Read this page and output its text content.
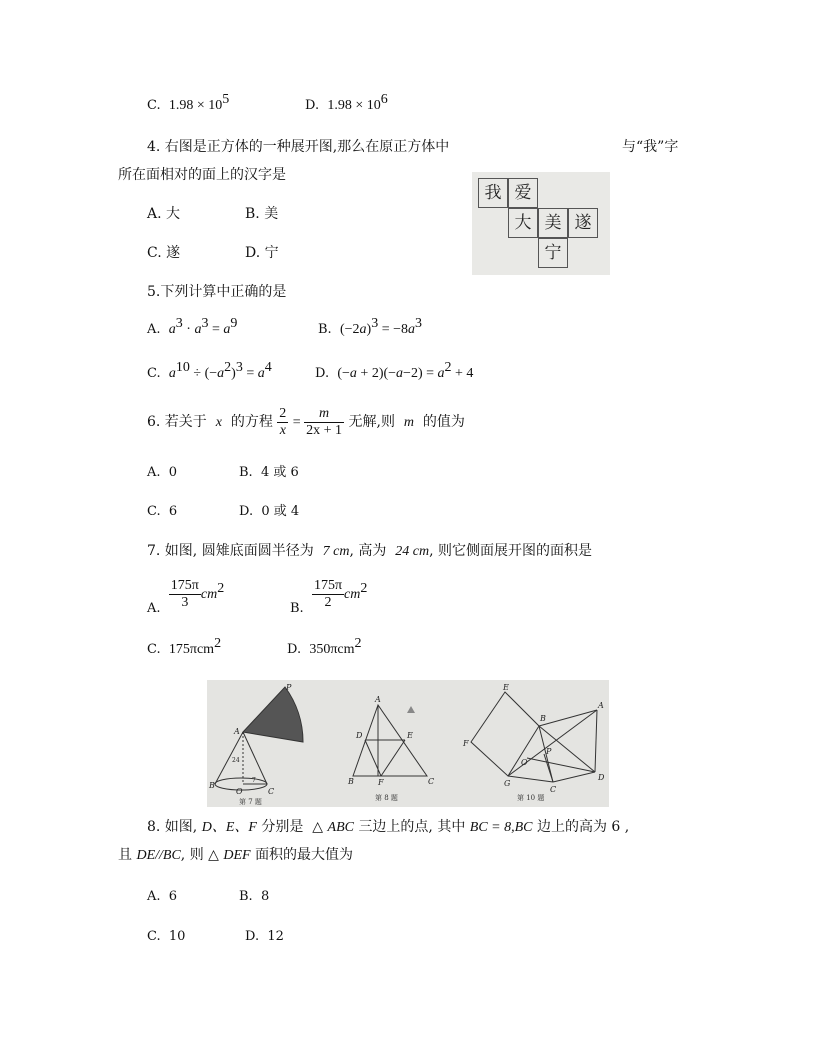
C. $1.98 \times 10^5$	D. $1.98 \times 10^6$
4. 右图是正方体的一种展开图,那么在原正方体中	与“我”字
所在面相对的面上的汉字是
A. 大	B. 美
C. 遂	D. 宁
我 爱
大 美 遂
宁
5.下列计算中正确的是
A. $a^3 \cdot a^3 = a^9$	B. $(-2a)^3 = -8a^3$
C. $a^{10} \div (-a^2)^3 = a^4$	D. $(-a + 2)(-a-2) = a^2 + 4$
6. 若关于 x 的方程 $\frac{2}{x} = \frac{m}{2x + 1}$ 无解,则 m 的值为
A. 0	B. 4 或 6
C. 6	D. 0 或 4
7. 如图, 圆雉底面圆半径为 7 cm, 高为 24 cm, 则它侧面展开图的面积是
A. $\frac{175\pi}{3} cm^2$
B. $\frac{175\pi}{2} cm^2$
C. 175πcm$^2$	D. 350πcm$^2$
P
A
B
O	C
24
7
第 7 题
A
D	E
B	F	C
第 8 题
E
F
B
A
P
O
G
C
D
第 10 题
8. 如图, D、E、F 分别是 △ ABC 三边上的点, 其中 BC = 8,BC 边上的高为 6 ,
且 DE//BC, 则 △ DEF 面积的最大值为
A. 6	B. 8
C. 10	D. 12
